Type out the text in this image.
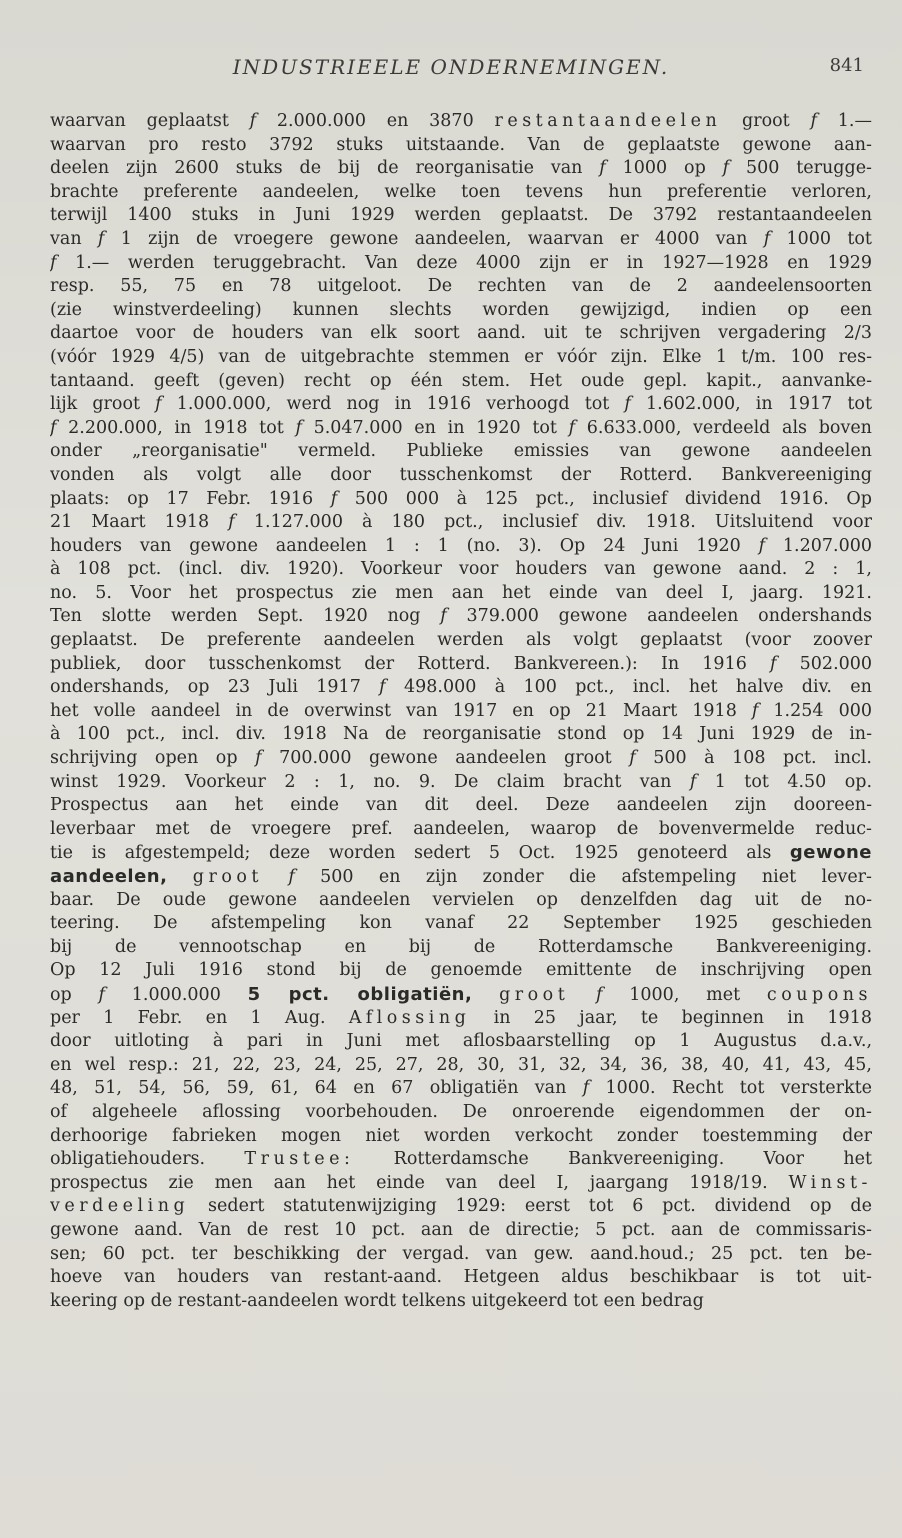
INDUSTRIEELE ONDERNEMINGEN.	841
waarvan geplaatst f 2.000.000 en 3870 restantaandeelen groot f 1.—
waarvan pro resto 3792 stuks uitstaande. Van de geplaatste gewone aan-
deelen zijn 2600 stuks de bij de reorganisatie van f 1000 op f 500 terugge-
brachte preferente aandeelen, welke toen tevens hun preferentie verloren,
terwijl 1400 stuks in Juni 1929 werden geplaatst. De 3792 restantaandeelen
van f 1 zijn de vroegere gewone aandeelen, waarvan er 4000 van f 1000 tot
f 1.— werden teruggebracht. Van deze 4000 zijn er in 1927—1928 en 1929
resp. 55, 75 en 78 uitgeloot. De rechten van de 2 aandeelensoorten
(zie winstverdeeling) kunnen slechts worden gewijzigd, indien op een
daartoe voor de houders van elk soort aand. uit te schrijven vergadering 2/3
(vóór 1929 4/5) van de uitgebrachte stemmen er vóór zijn. Elke 1 t/m. 100 res-
tantaand. geeft (geven) recht op één stem. Het oude gepl. kapit., aanvanke-
lijk groot f 1.000.000, werd nog in 1916 verhoogd tot f 1.602.000, in 1917 tot
f 2.200.000, in 1918 tot f 5.047.000 en in 1920 tot f 6.633.000, verdeeld als boven
onder „reorganisatie" vermeld. Publieke emissies van gewone aandeelen
vonden als volgt alle door tusschenkomst der Rotterd. Bankvereeniging
plaats: op 17 Febr. 1916 f 500 000 à 125 pct., inclusief dividend 1916. Op
21 Maart 1918 f 1.127.000 à 180 pct., inclusief div. 1918. Uitsluitend voor
houders van gewone aandeelen 1 : 1 (no. 3). Op 24 Juni 1920 f 1.207.000
à 108 pct. (incl. div. 1920). Voorkeur voor houders van gewone aand. 2 : 1,
no. 5. Voor het prospectus zie men aan het einde van deel I, jaarg. 1921.
Ten slotte werden Sept. 1920 nog f 379.000 gewone aandeelen ondershands
geplaatst. De preferente aandeelen werden als volgt geplaatst (voor zoover
publiek, door tusschenkomst der Rotterd. Bankvereen.): In 1916 f 502.000
ondershands, op 23 Juli 1917 f 498.000 à 100 pct., incl. het halve div. en
het volle aandeel in de overwinst van 1917 en op 21 Maart 1918 f 1.254 000
à 100 pct., incl. div. 1918 Na de reorganisatie stond op 14 Juni 1929 de in-
schrijving open op f 700.000 gewone aandeelen groot f 500 à 108 pct. incl.
winst 1929. Voorkeur 2 : 1, no. 9. De claim bracht van f 1 tot 4.50 op.
Prospectus aan het einde van dit deel. Deze aandeelen zijn dooreen-
leverbaar met de vroegere pref. aandeelen, waarop de bovenvermelde reduc-
tie is afgestempeld; deze worden sedert 5 Oct. 1925 genoteerd als gewone
aandeelen, groot f 500 en zijn zonder die afstempeling niet lever-
baar. De oude gewone aandeelen vervielen op denzelfden dag uit de no-
teering. De afstempeling kon vanaf 22 September 1925 geschieden
bij de vennootschap en bij de Rotterdamsche Bankvereeniging.
Op 12 Juli 1916 stond bij de genoemde emittente de inschrijving open
op f 1.000.000 5 pct. obligatiën, groot f 1000, met coupons
per 1 Febr. en 1 Aug. Aflossing in 25 jaar, te beginnen in 1918
door uitloting à pari in Juni met aflosbaarstelling op 1 Augustus d.a.v.,
en wel resp.: 21, 22, 23, 24, 25, 27, 28, 30, 31, 32, 34, 36, 38, 40, 41, 43, 45,
48, 51, 54, 56, 59, 61, 64 en 67 obligatiën van f 1000. Recht tot versterkte
of algeheele aflossing voorbehouden. De onroerende eigendommen der on-
derhoorige fabrieken mogen niet worden verkocht zonder toestemming der
obligatiehouders. Trustee: Rotterdamsche Bankvereeniging. Voor het
prospectus zie men aan het einde van deel I, jaargang 1918/19. Winst-
verdeeling sedert statutenwijziging 1929: eerst tot 6 pct. dividend op de
gewone aand. Van de rest 10 pct. aan de directie; 5 pct. aan de commissaris-
sen; 60 pct. ter beschikking der vergad. van gew. aand.houd.; 25 pct. ten be-
hoeve van houders van restant-aand. Hetgeen aldus beschikbaar is tot uit-
keering op de restant-aandeelen wordt telkens uitgekeerd tot een bedrag
